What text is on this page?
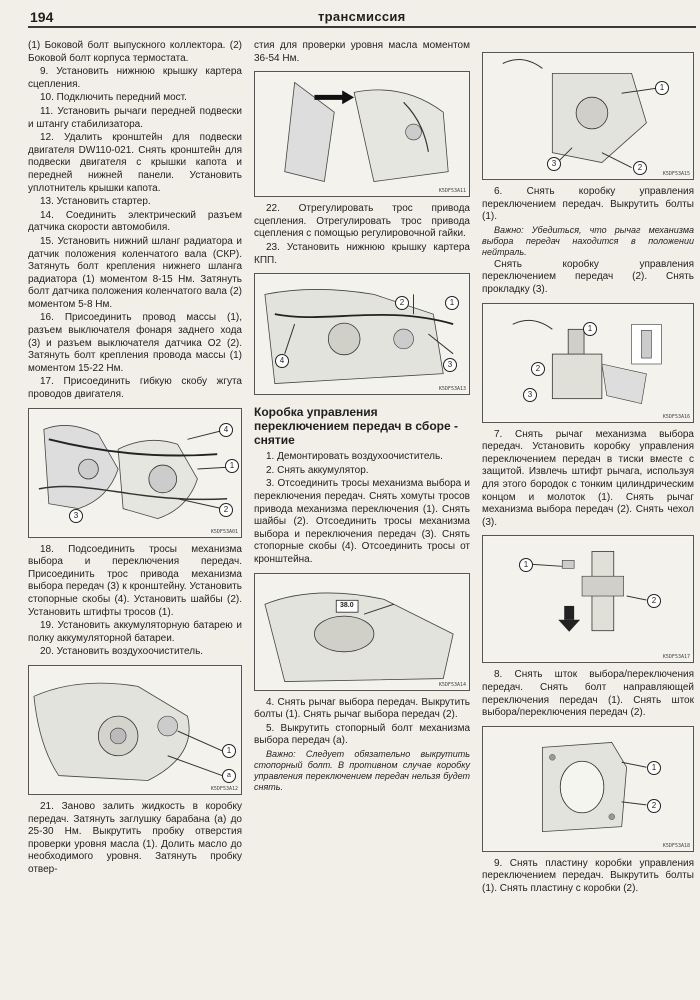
194	трансмиссия

(1) Боковой болт выпускного коллектора. (2) Боковой болт корпуса термостата.

9. Установить нижнюю крышку картера сцепления.

10. Подключить передний мост.

11. Установить рычаги передней подвески и штангу стабилизатора.

12. Удалить кронштейн для подвески двигателя DW110-021. Снять кронштейн для подвески двигателя с крышки капота и передней нижней панели. Установить уплотнитель крышки капота.

13. Установить стартер.

14. Соединить электрический разъем датчика скорости автомобиля.

15. Установить нижний шланг радиатора и датчик положения коленчатого вала (СКР). Затянуть болт крепления нижнего шланга радиатора (1) моментом 8-15 Нм. Затянуть болт датчика положения коленчатого вала (2) моментом 5-8 Нм.

16. Присоединить провод массы (1), разъем выключателя фонаря заднего хода (3) и разъем выключателя датчика О2 (2). Затянуть болт крепления провода массы (1) моментом 15-22 Нм.

17. Присоединить гибкую скобу жгута проводов двигателя.

4
1
2
3
K5DF53A01

18. Подсоединить тросы механизма выбора и переключения передач. Присоединить трос привода механизма выбора передач (3) к кронштейну. Установить стопорные скобы (4). Установить шайбы (2). Установить штифты тросов (1).

19. Установить аккумуляторную батарею и полку аккумуляторной батареи.

20. Установить воздухоочиститель.

1
a
K5DF53A12

21. Заново залить жидкость в коробку передач. Затянуть заглушку барабана (а) до 25-30 Нм. Выкрутить пробку отверстия проверки уровня масла (1). Долить масло до необходимого уровня. Затянуть пробку отвер-

стия для проверки уровня масла моментом 36-54 Нм.

K5DF53A11

22. Отрегулировать трос привода сцепления. Отрегулировать трос привода сцепления с помощью регулировочной гайки.

23. Установить нижнюю крышку картера КПП.

4
2
3
1
K5DF53A13
Коробка управления переключением передач в сборе - снятие

1. Демонтировать воздухоочиститель.

2. Снять аккумулятор.

3. Отсоединить тросы механизма выбора и переключения передач. Снять хомуты тросов привода механизма переключения (1). Снять шайбы (2). Отсоединить тросы механизма выбора и переключения передач (3). Снять стопорные скобы (4). Отсоединить тросы от кронштейна.

38.0
K5DF53A14

4. Снять рычаг выбора передач. Выкрутить болты (1). Снять рычаг выбора передач (2).

5. Выкрутить стопорный болт механизма выбора передач (а).

Важно: Следует обязательно выкрутить стопорный болт. В противном случае коробку управления переключением передач нельзя будет снять.

1
3	2
K5DF53A15

6. Снять коробку управления переключением передач. Выкрутить болты (1).

Важно: Убедиться, что рычаг механизма выбора передач находится в положении нейтраль.

Снять коробку управления переключением передач (2). Снять прокладку (3).

1
2
3
K5DF53A16

7. Снять рычаг механизма выбора передач. Установить коробку управления переключением передач в тиски вместе с защитой. Извлечь штифт рычага, используя для этого бородок с тонким цилиндрическим концом и молоток (1). Снять рычаг механизма выбора передач (2). Снять чехол (3).

1
2
K5DF53A17

8. Снять шток выбора/переключения передач. Снять болт направляющей переключения передач (1). Снять шток выбора/переключения передач (2).

1
2
K5DF53A18

9. Снять пластину коробки управления переключением передач. Выкрутить болты (1). Снять пластину с коробки (2).
